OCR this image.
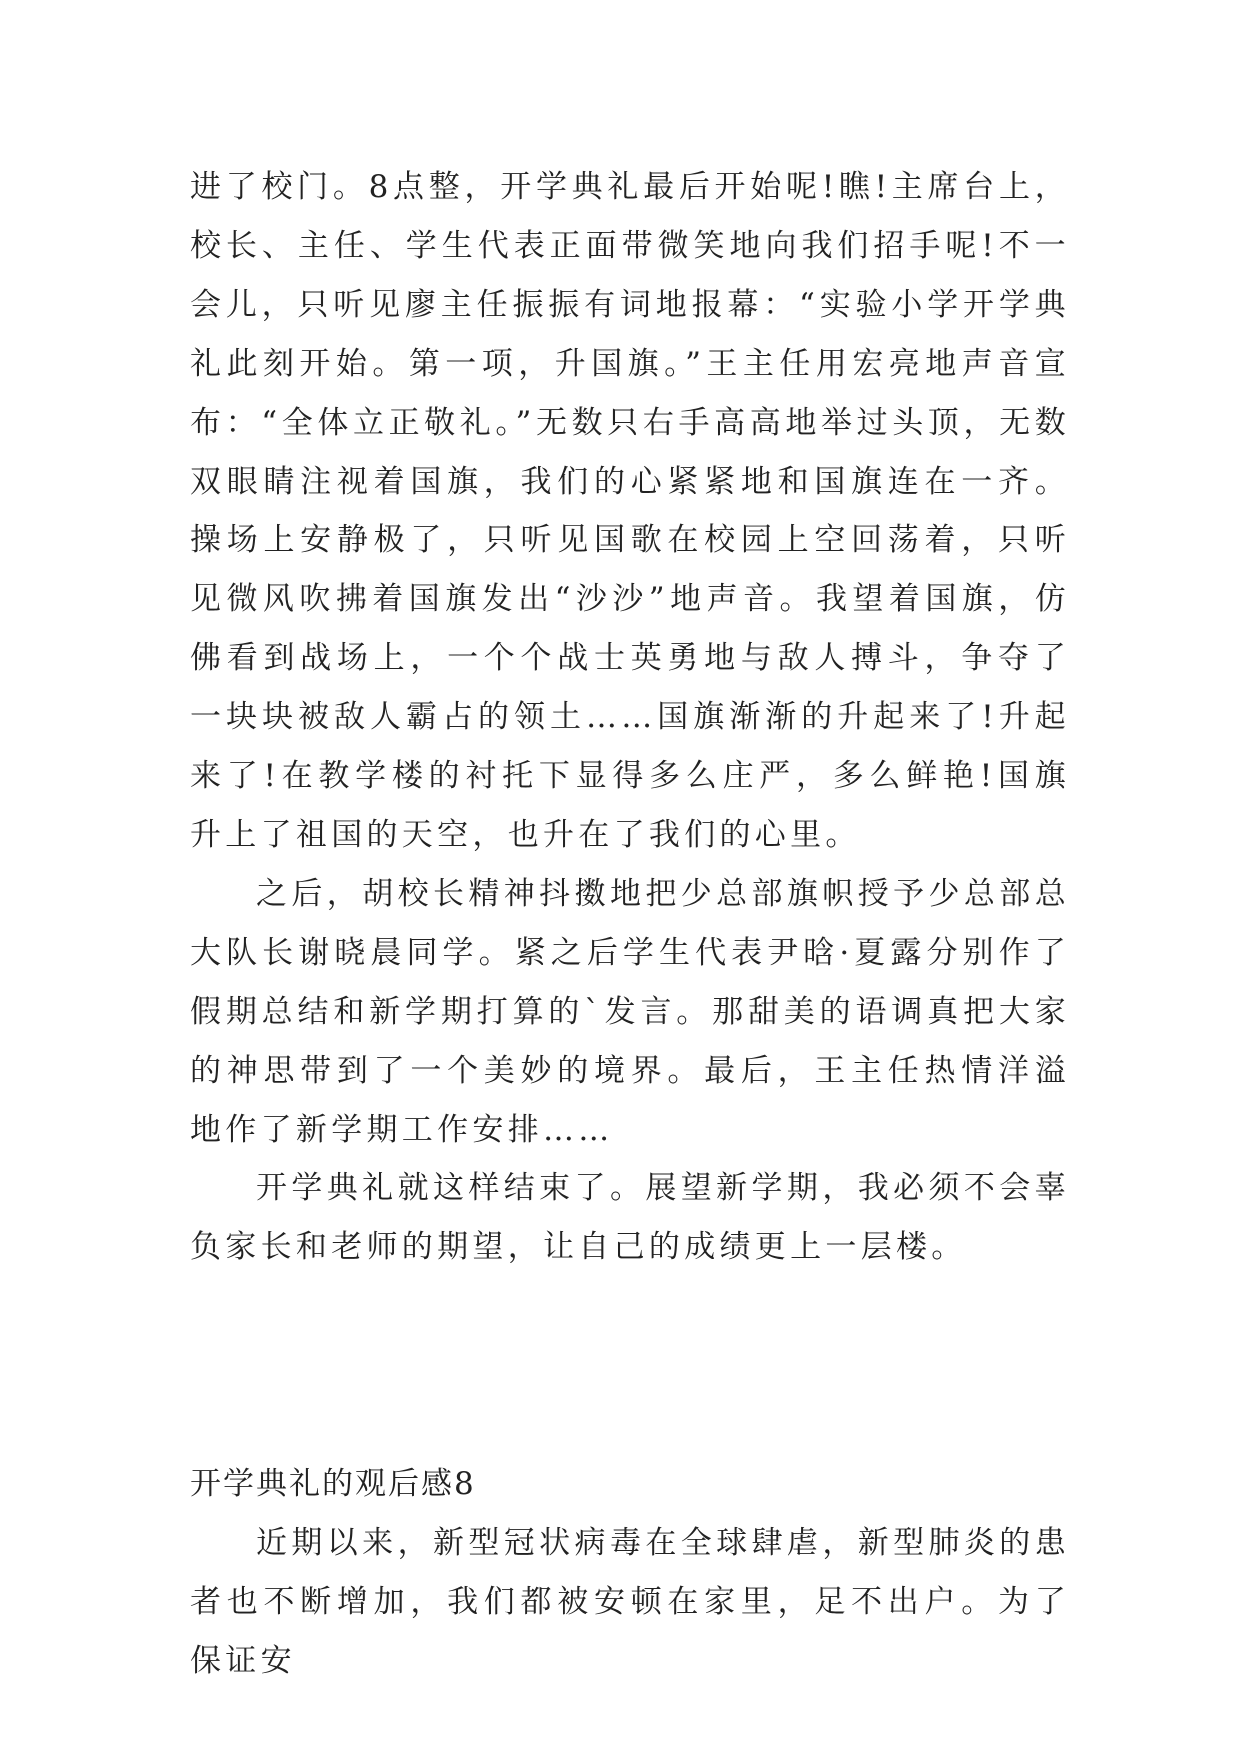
进了校门。8点整，开学典礼最后开始呢!瞧!主席台上，校长、主任、学生代表正面带微笑地向我们招手呢!不一会儿，只听见廖主任振振有词地报幕：“实验小学开学典礼此刻开始。第一项，升国旗。”王主任用宏亮地声音宣布：“全体立正敬礼。”无数只右手高高地举过头顶，无数双眼睛注视着国旗，我们的心紧紧地和国旗连在一齐。操场上安静极了，只听见国歌在校园上空回荡着，只听见微风吹拂着国旗发出“沙沙”地声音。我望着国旗，仿佛看到战场上，一个个战士英勇地与敌人搏斗，争夺了一块块被敌人霸占的领土……国旗渐渐的升起来了!升起来了!在教学楼的衬托下显得多么庄严，多么鲜艳!国旗升上了祖国的天空，也升在了我们的心里。

之后，胡校长精神抖擞地把少总部旗帜授予少总部总大队长谢晓晨同学。紧之后学生代表尹晗·夏露分别作了假期总结和新学期打算的`发言。那甜美的语调真把大家的神思带到了一个美妙的境界。最后，王主任热情洋溢地作了新学期工作安排……

开学典礼就这样结束了。展望新学期，我必须不会辜负家长和老师的期望，让自己的成绩更上一层楼。

开学典礼的观后感8

近期以来，新型冠状病毒在全球肆虐，新型肺炎的患者也不断增加，我们都被安顿在家里，足不出户。为了保证安
